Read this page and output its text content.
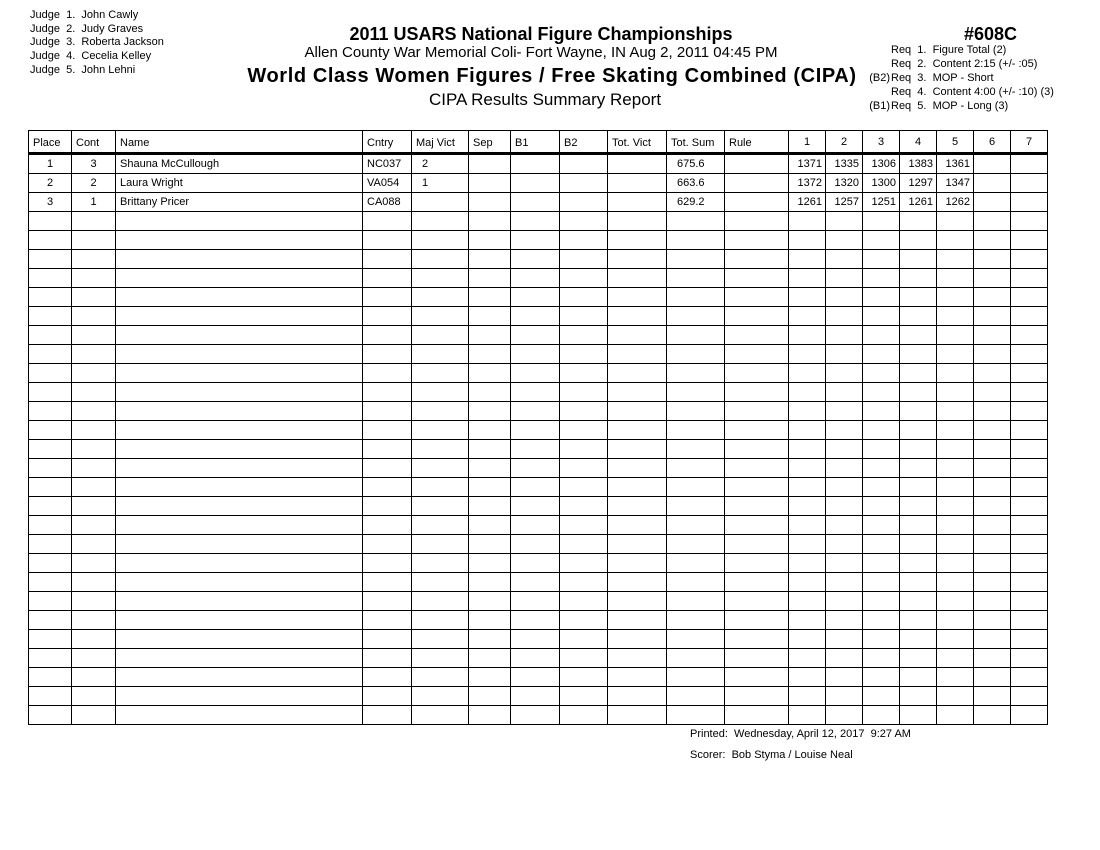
Judge  1.  John Cawly
Judge  2.  Judy Graves
Judge  3.  Roberta Jackson
Judge  4.  Cecelia Kelley
Judge  5.  John Lehni
2011 USARS National Figure Championships
Allen County War Memorial Coli- Fort Wayne, IN Aug 2, 2011 04:45 PM
World Class Women Figures / Free Skating Combined (CIPA)
CIPA Results Summary Report
#608C
Req  1.  Figure Total (2)
Req  2.  Content 2:15 (+/- :05)
(B2) Req  3.  MOP - Short
Req  4.  Content 4:00 (+/- :10) (3)
(B1) Req  5.  MOP - Long (3)
Place	Cont	Name	Cntry	Maj Vict	Sep	B1	B2	Tot. Vict	Tot. Sum	Rule	1	2	3	4	5	6	7
1	3	Shauna McCullough	NC037	2					675.6		1371	1335	1306	1383	1361		
2	2	Laura Wright	VA054	1					663.6		1372	1320	1300	1297	1347		
3	1	Brittany Pricer	CA088						629.2		1261	1257	1251	1261	1262		

Printed:  Wednesday, April 12, 2017  9:27 AM
Scorer:  Bob Styma / Louise Neal
